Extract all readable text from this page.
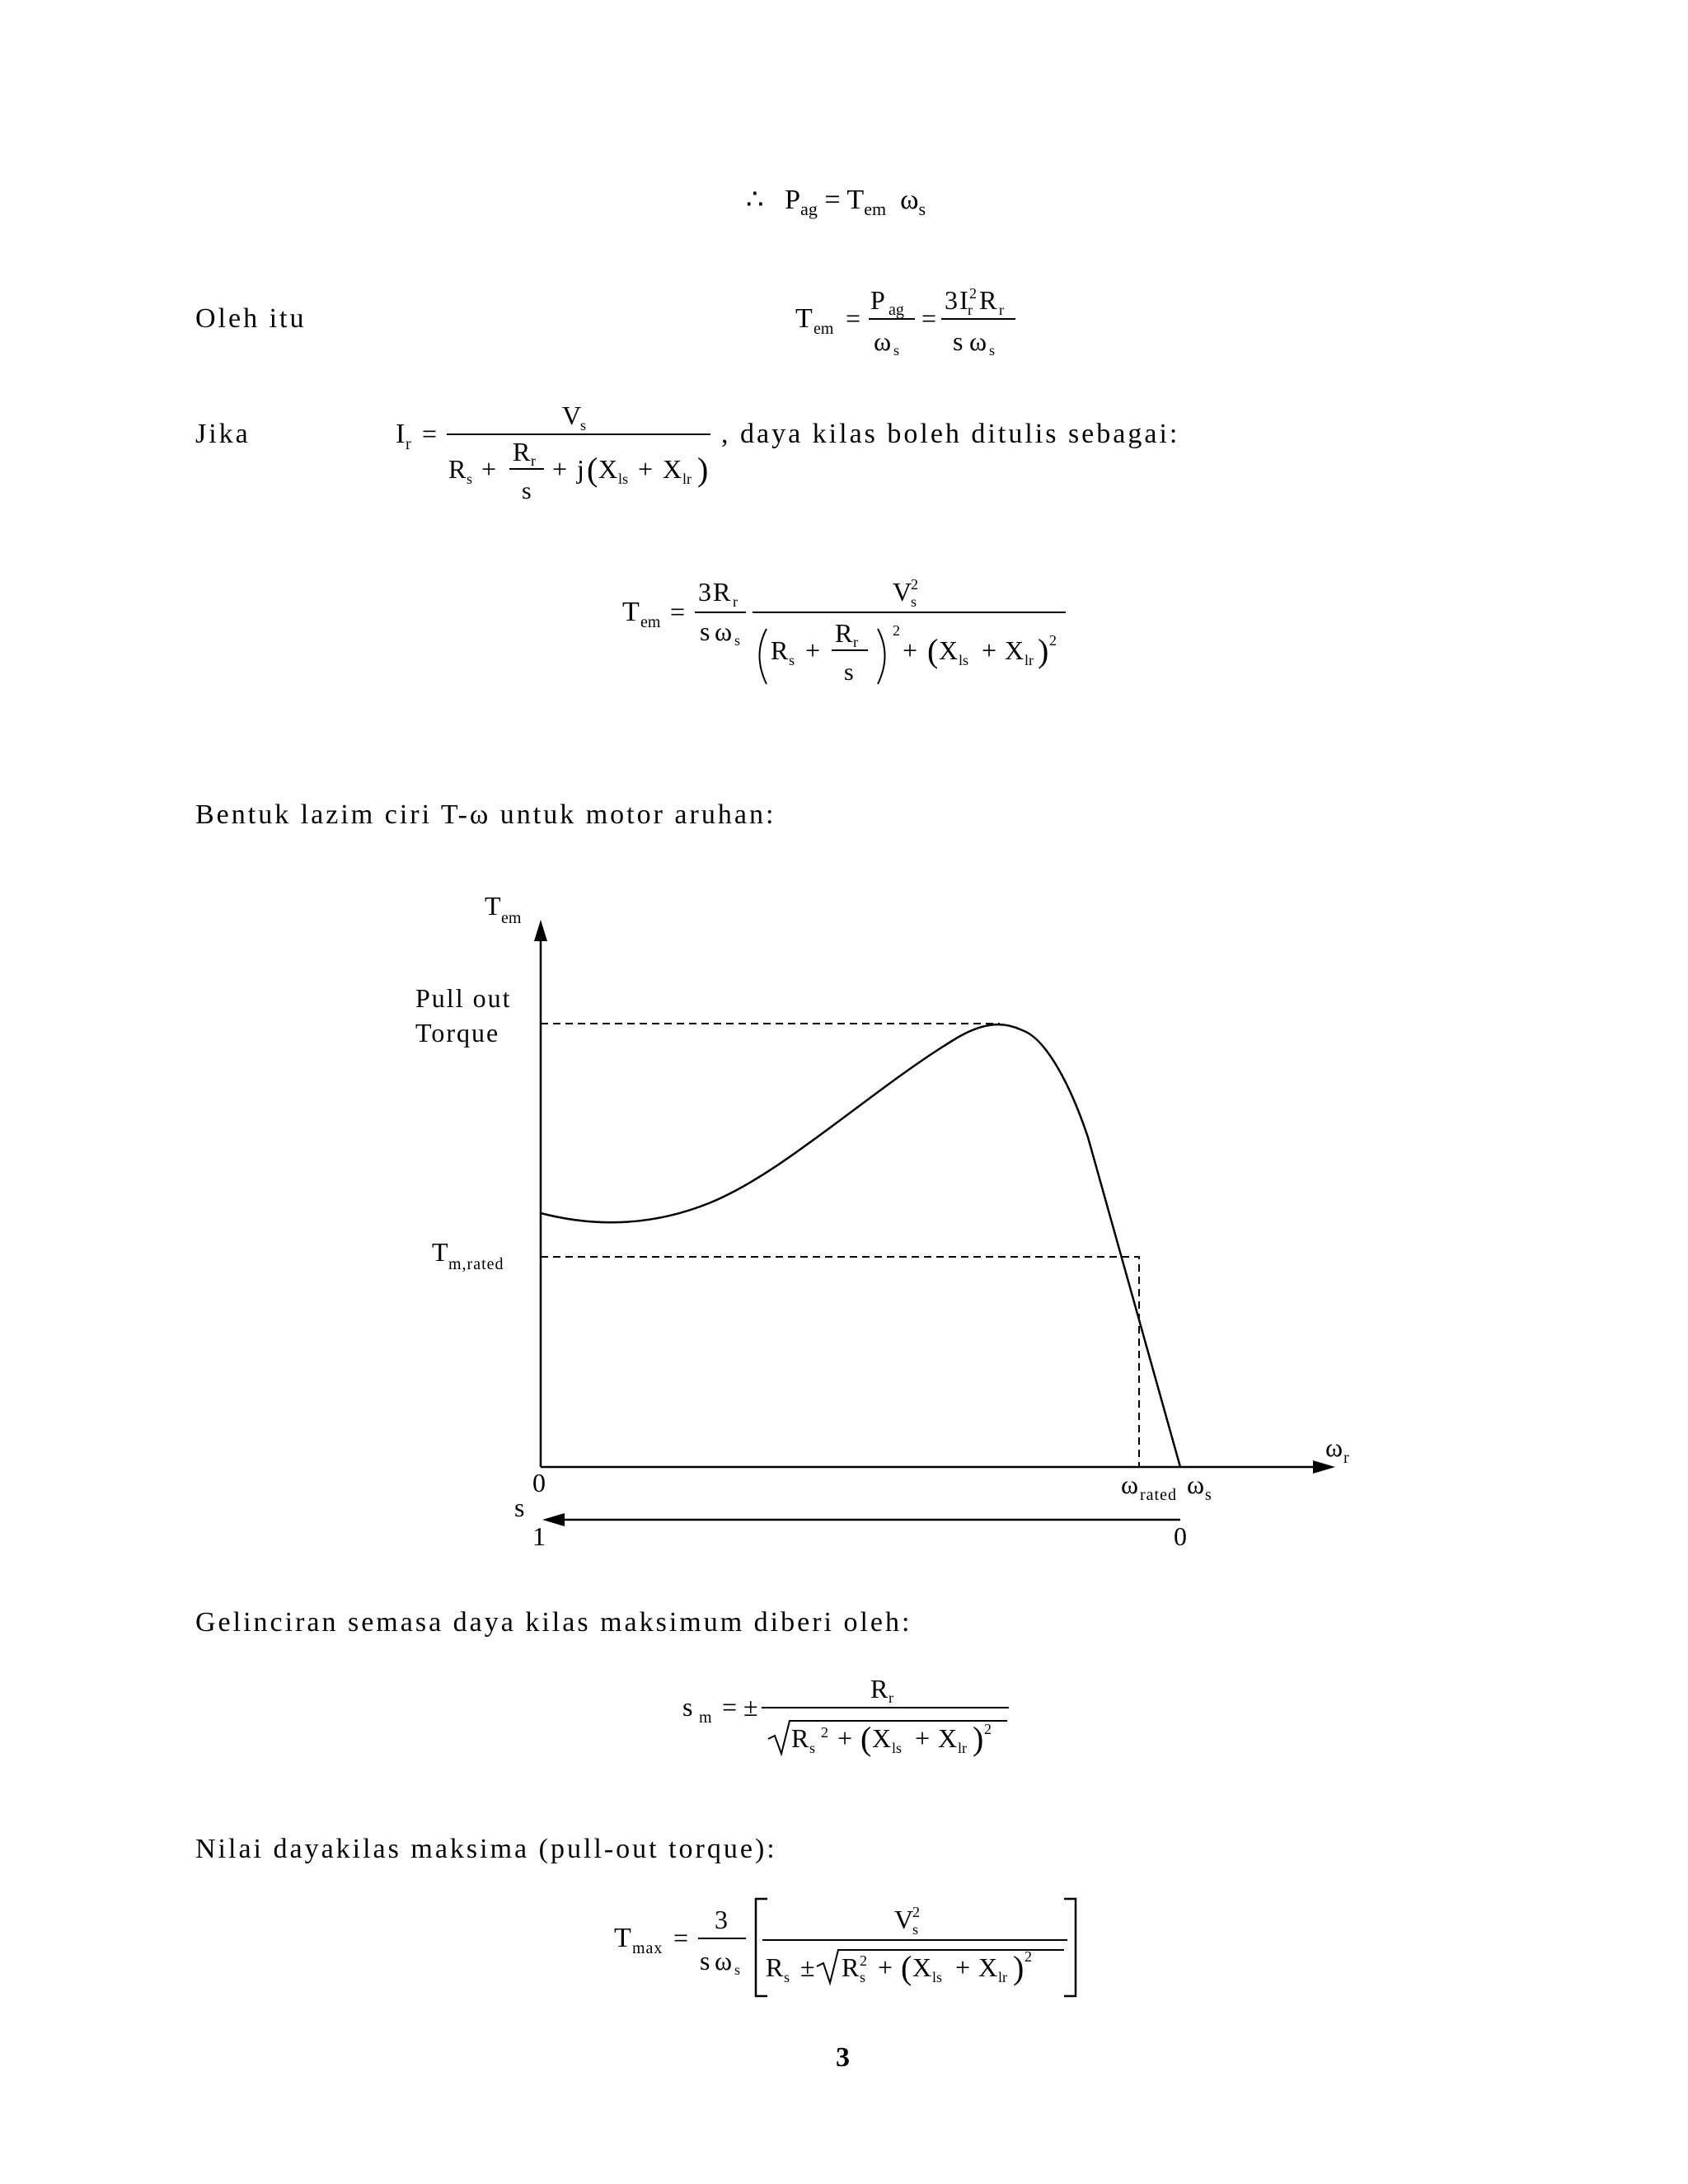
∴ $P_{ag} = T_{em}$ $\omega_s$
Oleh itu	T em =
P ag
ω s
=
3 I 2
r R r
s ω s
Jika	I r =
V
s
R s +
R r
s
+ j ( X ls + X lr )
, daya kilas boleh ditulis sebagai:
T em =
3 R r
s ω s
V
2
s
2
R s +
R r
s
+ ( X ls + X lr ) 2
Bentuk lazim ciri T-ω untuk motor aruhan:
T em
ω r
Pull out
Torque
T m,rated
0	ω rated ω s
s
1	0
Gelinciran semasa daya kilas maksimum diberi oleh:
s m = ±
R r
R s
2 + ( X ls + X lr ) 2
Nilai dayakilas maksima (pull-out torque):
T max =
3
s ω s
V
2
s
R s ± R 2
s + ( X ls + X lr ) 2
3
